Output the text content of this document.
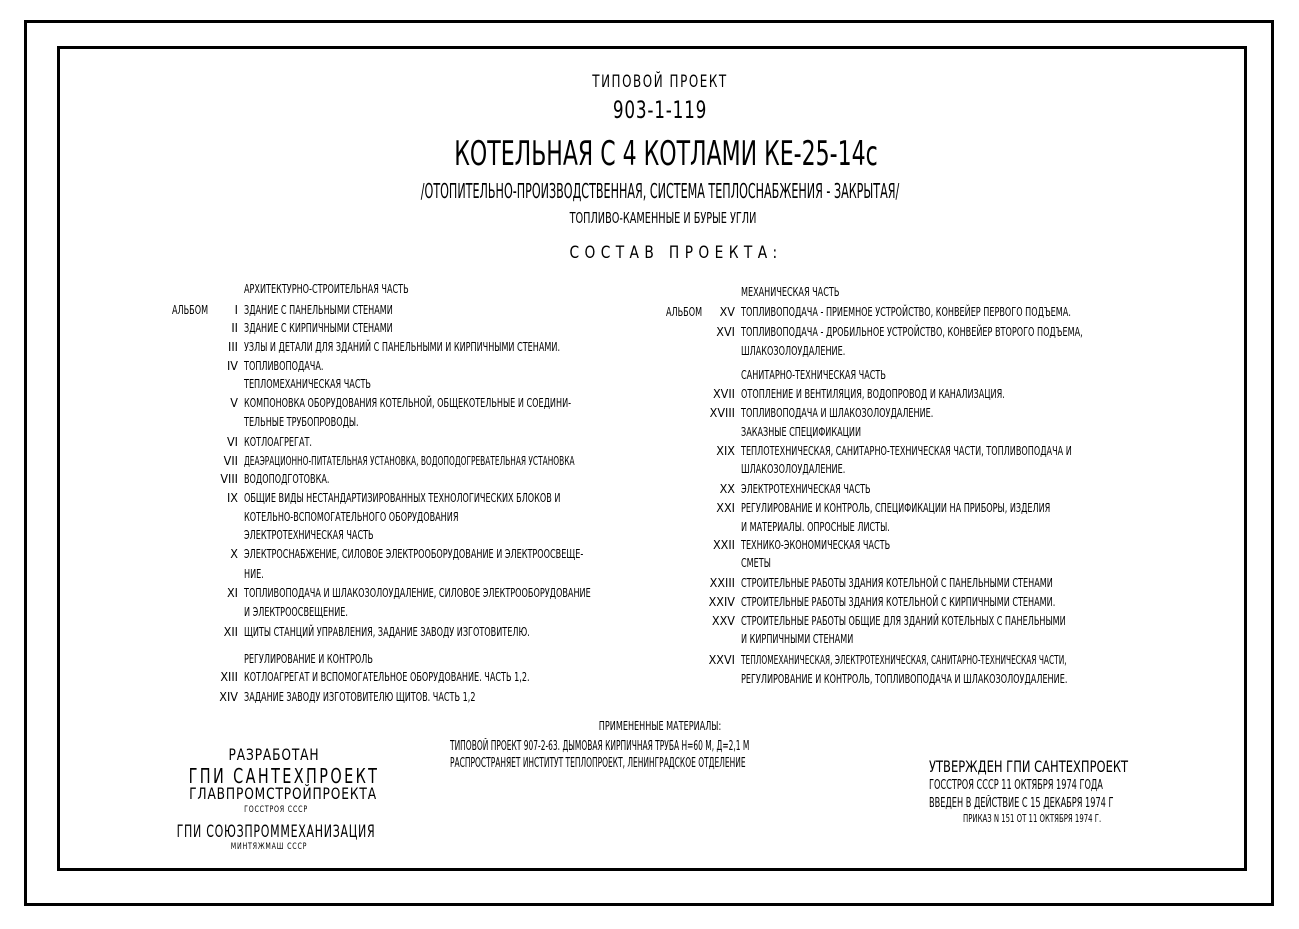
ТИПОВОЙ ПРОЕКТ
903-1-119
КОТЕЛЬНАЯ С 4 КОТЛАМИ КЕ-25-14с
/ОТОПИТЕЛЬНО-ПРОИЗВОДСТВЕННАЯ, СИСТЕМА ТЕПЛОСНАБЖЕНИЯ - ЗАКРЫТАЯ/
ТОПЛИВО-КАМЕННЫЕ И БУРЫЕ УГЛИ
СОСТАВ ПРОЕКТА:
АРХИТЕКТУРНО-СТРОИТЕЛЬНАЯ ЧАСТЬ
АЛЬБОМ	I ЗДАНИЕ С ПАНЕЛЬНЫМИ СТЕНАМИ
II ЗДАНИЕ С КИРПИЧНЫМИ СТЕНАМИ
III УЗЛЫ И ДЕТАЛИ ДЛЯ ЗДАНИЙ С ПАНЕЛЬНЫМИ И КИРПИЧНЫМИ СТЕНАМИ.
IV ТОПЛИВОПОДАЧА.
ТЕПЛОМЕХАНИЧЕСКАЯ ЧАСТЬ
V КОМПОНОВКА ОБОРУДОВАНИЯ КОТЕЛЬНОЙ, ОБЩЕКОТЕЛЬНЫЕ И СОЕДИНИ-
ТЕЛЬНЫЕ ТРУБОПРОВОДЫ.
VI КОТЛОАГРЕГАТ.
VII ДЕАЭРАЦИОННО-ПИТАТЕЛЬНАЯ УСТАНОВКА, ВОДОПОДОГРЕВАТЕЛЬНАЯ УСТАНОВКА
VIII ВОДОПОДГОТОВКА.
IX ОБЩИЕ ВИДЫ НЕСТАНДАРТИЗИРОВАННЫХ ТЕХНОЛОГИЧЕСКИХ БЛОКОВ И
КОТЕЛЬНО-ВСПОМОГАТЕЛЬНОГО ОБОРУДОВАНИЯ
ЭЛЕКТРОТЕХНИЧЕСКАЯ ЧАСТЬ
X ЭЛЕКТРОСНАБЖЕНИЕ, СИЛОВОЕ ЭЛЕКТРООБОРУДОВАНИЕ И ЭЛЕКТРООСВЕЩЕ-
НИЕ.
XI ТОПЛИВОПОДАЧА И ШЛАКОЗОЛОУДАЛЕНИЕ, СИЛОВОЕ ЭЛЕКТРООБОРУДОВАНИЕ
И ЭЛЕКТРООСВЕЩЕНИЕ.
XII ЩИТЫ СТАНЦИЙ УПРАВЛЕНИЯ, ЗАДАНИЕ ЗАВОДУ ИЗГОТОВИТЕЛЮ.
РЕГУЛИРОВАНИЕ И КОНТРОЛЬ
XIII КОТЛОАГРЕГАТ И ВСПОМОГАТЕЛЬНОЕ ОБОРУДОВАНИЕ. ЧАСТЬ 1,2.
XIV ЗАДАНИЕ ЗАВОДУ ИЗГОТОВИТЕЛЮ ЩИТОВ. ЧАСТЬ 1,2
МЕХАНИЧЕСКАЯ ЧАСТЬ
АЛЬБОМ	XV ТОПЛИВОПОДАЧА - ПРИЕМНОЕ УСТРОЙСТВО, КОНВЕЙЕР ПЕРВОГО ПОДЪЕМА.
XVI ТОПЛИВОПОДАЧА - ДРОБИЛЬНОЕ УСТРОЙСТВО, КОНВЕЙЕР ВТОРОГО ПОДЪЕМА,
ШЛАКОЗОЛОУДАЛЕНИЕ.
САНИТАРНО-ТЕХНИЧЕСКАЯ ЧАСТЬ
XVII ОТОПЛЕНИЕ И ВЕНТИЛЯЦИЯ, ВОДОПРОВОД И КАНАЛИЗАЦИЯ.
XVIII ТОПЛИВОПОДАЧА И ШЛАКОЗОЛОУДАЛЕНИЕ.
ЗАКАЗНЫЕ СПЕЦИФИКАЦИИ
XIX ТЕПЛОТЕХНИЧЕСКАЯ, САНИТАРНО-ТЕХНИЧЕСКАЯ ЧАСТИ, ТОПЛИВОПОДАЧА И
ШЛАКОЗОЛОУДАЛЕНИЕ.
XX ЭЛЕКТРОТЕХНИЧЕСКАЯ ЧАСТЬ
XXI РЕГУЛИРОВАНИЕ И КОНТРОЛЬ, СПЕЦИФИКАЦИИ НА ПРИБОРЫ, ИЗДЕЛИЯ
И МАТЕРИАЛЫ. ОПРОСНЫЕ ЛИСТЫ.
XXII ТЕХНИКО-ЭКОНОМИЧЕСКАЯ ЧАСТЬ
СМЕТЫ
XXIII СТРОИТЕЛЬНЫЕ РАБОТЫ ЗДАНИЯ КОТЕЛЬНОЙ С ПАНЕЛЬНЫМИ СТЕНАМИ
XXIV СТРОИТЕЛЬНЫЕ РАБОТЫ ЗДАНИЯ КОТЕЛЬНОЙ С КИРПИЧНЫМИ СТЕНАМИ.
XXV СТРОИТЕЛЬНЫЕ РАБОТЫ ОБЩИЕ ДЛЯ ЗДАНИЙ КОТЕЛЬНЫХ С ПАНЕЛЬНЫМИ
И КИРПИЧНЫМИ СТЕНАМИ
XXVI ТЕПЛОМЕХАНИЧЕСКАЯ, ЭЛЕКТРОТЕХНИЧЕСКАЯ, САНИТАРНО-ТЕХНИЧЕСКАЯ ЧАСТИ,
РЕГУЛИРОВАНИЕ И КОНТРОЛЬ, ТОПЛИВОПОДАЧА И ШЛАКОЗОЛОУДАЛЕНИЕ.
ПРИМЕНЕННЫЕ МАТЕРИАЛЫ:
ТИПОВОЙ ПРОЕКТ 907-2-63. ДЫМОВАЯ КИРПИЧНАЯ ТРУБА Н=60 М, Д=2,1 М
РАСПРОСТРАНЯЕТ ИНСТИТУТ ТЕПЛОПРОЕКТ, ЛЕНИНГРАДСКОЕ ОТДЕЛЕНИЕ
РАЗРАБОТАН
ГПИ САНТЕХПРОЕКТ
ГЛАВПРОМСТРОЙПРОЕКТА
ГОССТРОЯ СССР
ГПИ СОЮЗПРОММЕХАНИЗАЦИЯ
МИНТЯЖМАШ СССР
УТВЕРЖДЕН ГПИ САНТЕХПРОЕКТ
ГОССТРОЯ СССР 11 ОКТЯБРЯ 1974 ГОДА
ВВЕДЕН В ДЕЙСТВИЕ С 15 ДЕКАБРЯ 1974 Г
ПРИКАЗ N 151 ОТ 11 ОКТЯБРЯ 1974 Г.
